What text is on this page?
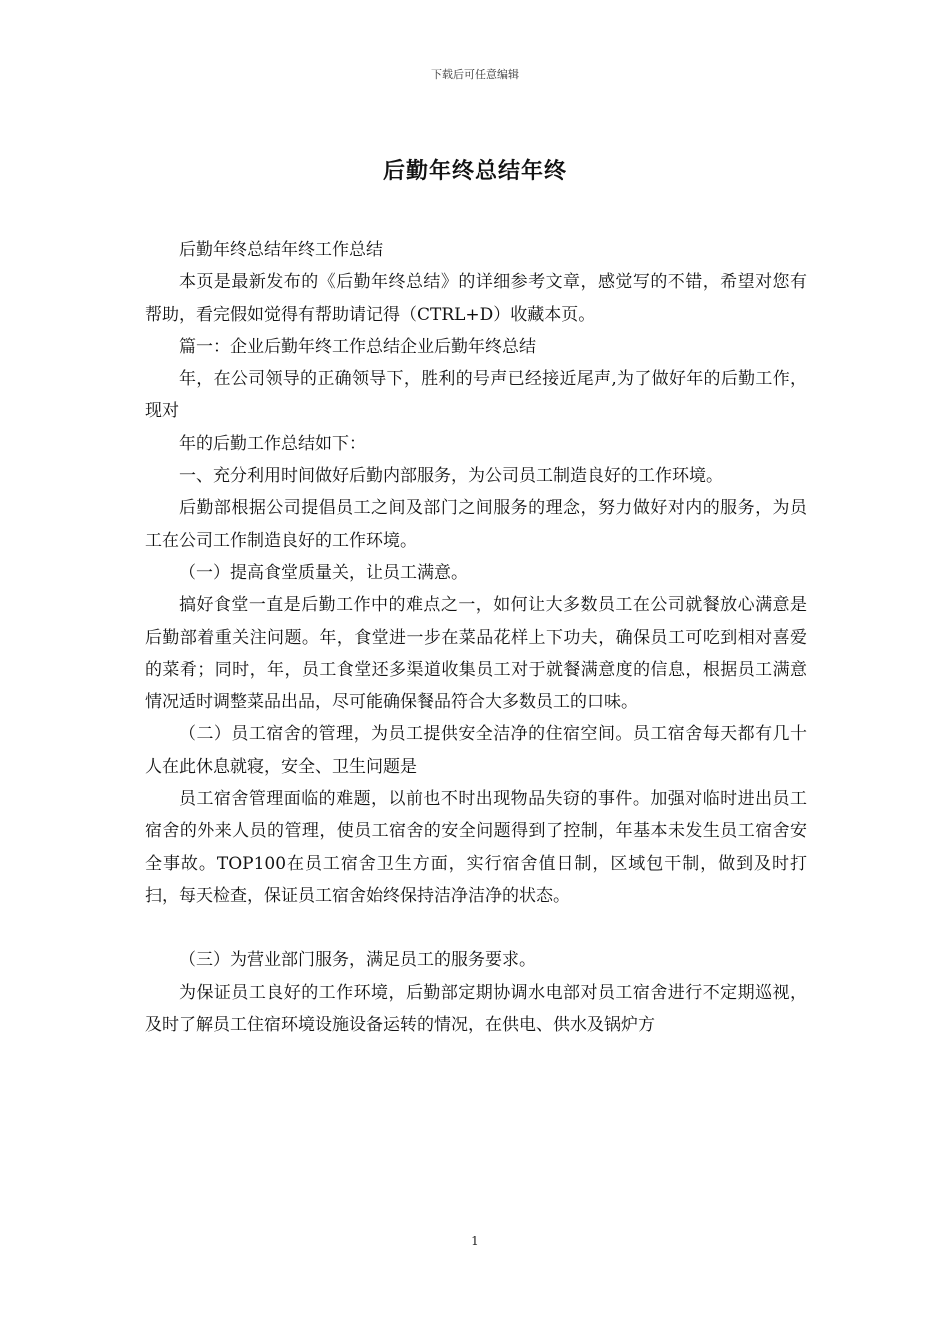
下载后可任意编辑
后勤年终总结年终

后勤年终总结年终工作总结

本页是最新发布的《后勤年终总结》的详细参考文章，感觉写的不错，希望对您有帮助，看完假如觉得有帮助请记得（CTRL+D）收藏本页。

篇一：企业后勤年终工作总结企业后勤年终总结

年，在公司领导的正确领导下，胜利的号声已经接近尾声,为了做好年的后勤工作，现对

年的后勤工作总结如下：

一、充分利用时间做好后勤内部服务，为公司员工制造良好的工作环境。

后勤部根据公司提倡员工之间及部门之间服务的理念，努力做好对内的服务，为员工在公司工作制造良好的工作环境。

（一）提高食堂质量关，让员工满意。

搞好食堂一直是后勤工作中的难点之一，如何让大多数员工在公司就餐放心满意是后勤部着重关注问题。年，食堂进一步在菜品花样上下功夫，确保员工可吃到相对喜爱的菜肴；同时，年，员工食堂还多渠道收集员工对于就餐满意度的信息，根据员工满意情况适时调整菜品出品，尽可能确保餐品符合大多数员工的口味。

（二）员工宿舍的管理，为员工提供安全洁净的住宿空间。员工宿舍每天都有几十人在此休息就寝，安全、卫生问题是

员工宿舍管理面临的难题，以前也不时出现物品失窃的事件。加强对临时进出员工宿舍的外来人员的管理，使员工宿舍的安全问题得到了控制，年基本未发生员工宿舍安全事故。TOP100在员工宿舍卫生方面，实行宿舍值日制，区域包干制，做到及时打扫，每天检查，保证员工宿舍始终保持洁净洁净的状态。

（三）为营业部门服务，满足员工的服务要求。

为保证员工良好的工作环境，后勤部定期协调水电部对员工宿舍进行不定期巡视，及时了解员工住宿环境设施设备运转的情况，在供电、供水及锅炉方

1
